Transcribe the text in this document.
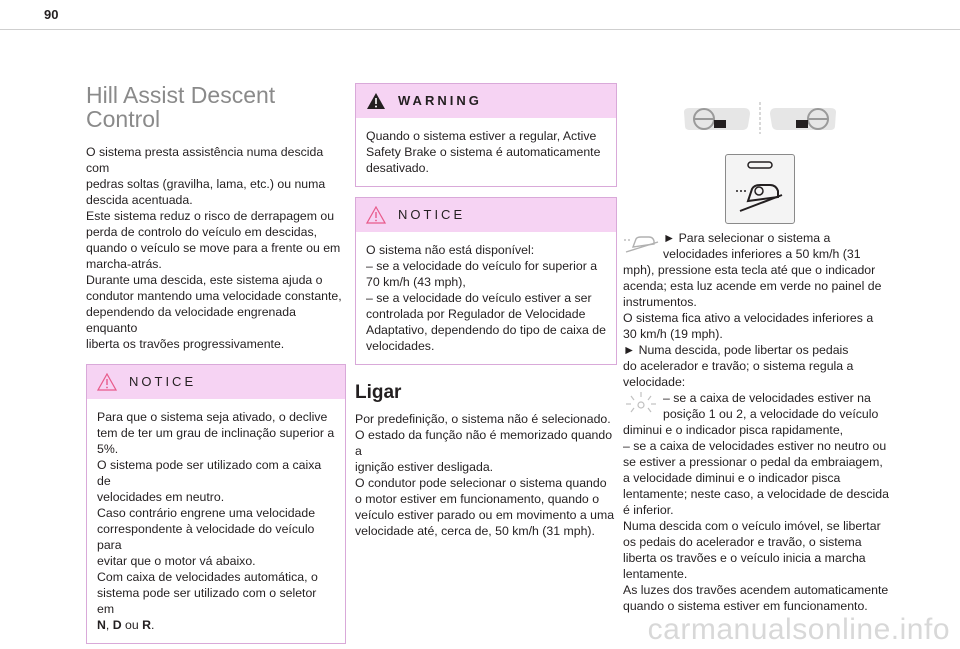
90
Hill Assist Descent
Control

O sistema presta assistência numa descida com
pedras soltas (gravilha, lama, etc.) ou numa
descida acentuada.
Este sistema reduz o risco de derrapagem ou
perda de controlo do veículo em descidas,
quando o veículo se move para a frente ou em
marcha-atrás.
Durante uma descida, este sistema ajuda o
condutor mantendo uma velocidade constante,
dependendo da velocidade engrenada enquanto
liberta os travões progressivamente.

NOTICE
Para que o sistema seja ativado, o declive
tem de ter um grau de inclinação superior a
5%.
O sistema pode ser utilizado com a caixa de
velocidades em neutro.
Caso contrário engrene uma velocidade
correspondente à velocidade do veículo para
evitar que o motor vá abaixo.
Com caixa de velocidades automática, o
sistema pode ser utilizado com o seletor em
N, D ou R.
WARNING
Quando o sistema estiver a regular, Active
Safety Brake o sistema é automaticamente
desativado.
NOTICE
O sistema não está disponível:
– se a velocidade do veículo for superior a
70 km/h (43 mph),
– se a velocidade do veículo estiver a ser
controlada por Regulador de Velocidade
Adaptativo, dependendo do tipo de caixa de
velocidades.
Ligar

Por predefinição, o sistema não é selecionado.
O estado da função não é memorizado quando a
ignição estiver desligada.
O condutor pode selecionar o sistema quando
o motor estiver em funcionamento, quando o
veículo estiver parado ou em movimento a uma
velocidade até, cerca de, 50 km/h (31 mph).

► Para selecionar o sistema a
velocidades inferiores a 50 km/h (31

mph), pressione esta tecla até que o indicador
acenda; esta luz acende em verde no painel de
instrumentos.
O sistema fica ativo a velocidades inferiores a
30 km/h (19 mph).
► Numa descida, pode libertar os pedais
do acelerador e travão; o sistema regula a
velocidade:

– se a caixa de velocidades estiver na
posição 1 ou 2, a velocidade do veículo

diminui e o indicador pisca rapidamente,
– se a caixa de velocidades estiver no neutro ou
se estiver a pressionar o pedal da embraiagem,
a velocidade diminui e o indicador pisca
lentamente; neste caso, a velocidade de descida
é inferior.
Numa descida com o veículo imóvel, se libertar
os pedais do acelerador e travão, o sistema
liberta os travões e o veículo inicia a marcha
lentamente.
As luzes dos travões acendem automaticamente
quando o sistema estiver em funcionamento.

carmanualsonline.info
